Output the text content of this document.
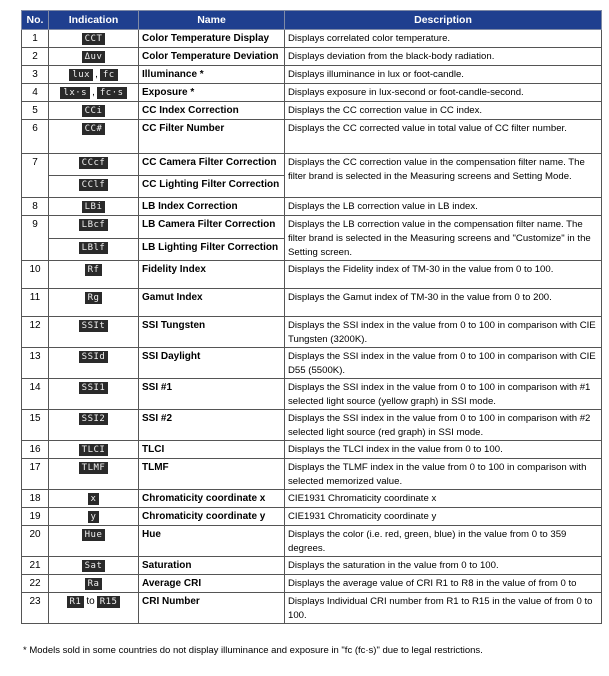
No.	Indication	Name	Description
1	CCT	Color Temperature Display	Displays correlated color temperature.
2	Δuv	Color Temperature Deviation	Displays deviation from the black-body radiation.
3	lux , fc	Illuminance *	Displays illuminance in lux or foot-candle.
4	lx·s , fc·s	Exposure *	Displays exposure in lux-second or foot-candle-second.
5	CCi	CC Index Correction	Displays the CC correction value in CC index.
6	CC#	CC Filter Number	Displays the CC corrected value in total value of CC filter number.
7	CCcf	CC Camera Filter Correction	Displays the CC correction value in the compensation filter name. The filter brand is selected in the Measuring screens and Setting Mode.
	CClf	CC Lighting Filter Correction	
8	LBi	LB Index Correction	Displays the LB correction value in LB index.
9	LBcf	LB Camera Filter Correction	Displays the LB correction value in the compensation filter name. The filter brand is selected in the Measuring screens and "Customize" in the Setting screen.
	LBlf	LB Lighting Filter Correction	
10	Rf	Fidelity Index	Displays the Fidelity index of TM-30 in the value from 0 to 100.
11	Rg	Gamut Index	Displays the Gamut index of TM-30 in the value from 0 to 200.
12	SSIt	SSI Tungsten	Displays the SSI index in the value from 0 to 100 in comparison with CIE Tungsten (3200K).
13	SSId	SSI Daylight	Displays the SSI index in the value from 0 to 100 in comparison with CIE D55 (5500K).
14	SSI1	SSI #1	Displays the SSI index in the value from 0 to 100 in comparison with #1 selected light source (yellow graph) in SSI mode.
15	SSI2	SSI #2	Displays the SSI index in the value from 0 to 100 in comparison with #2 selected light source (red graph) in SSI mode.
16	TLCI	TLCI	Displays the TLCI index in the value from 0 to 100.
17	TLMF	TLMF	Displays the TLMF index in the value from 0 to 100 in comparison with selected memorized value.
18	x	Chromaticity coordinate x	CIE1931 Chromaticity coordinate x
19	y	Chromaticity coordinate y	CIE1931 Chromaticity coordinate y
20	Hue	Hue	Displays the color (i.e. red, green, blue) in the value from 0 to 359 degrees.
21	Sat	Saturation	Displays the saturation in the value from 0 to 100.
22	Ra	Average CRI	Displays the average value of CRI R1 to R8 in the value of from 0 to
23	R1 to R15	CRI Number	Displays Individual CRI number from R1 to R15 in the value of from 0 to 100.
* Models sold in some countries do not display illuminance and exposure in "fc (fc·s)" due to legal restrictions.
